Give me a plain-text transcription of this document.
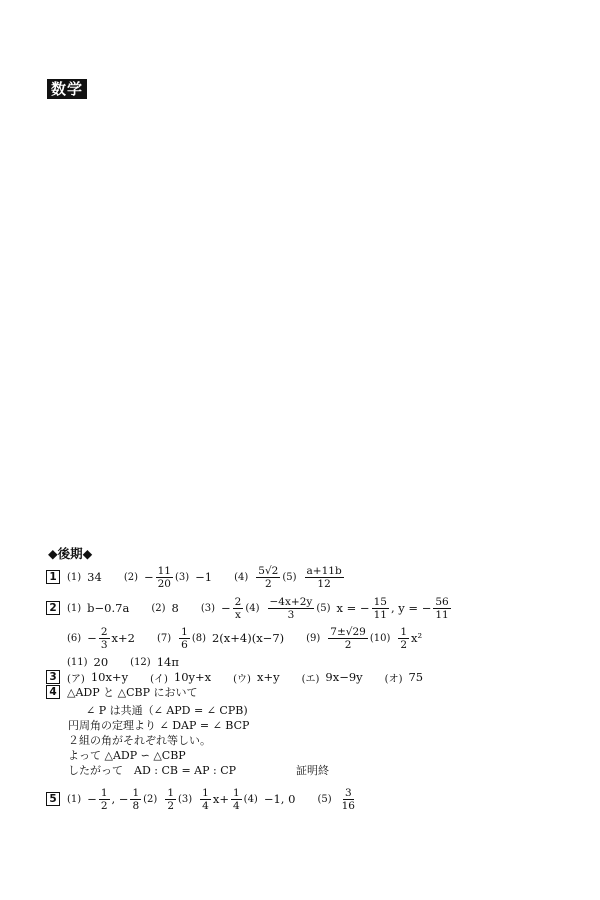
数学
◆後期◆
1	(1) 34 $(2) - \frac{11}{20} (3) -1$ $(4) \frac{5√2}{2} (5) \frac{a+11b}{12}$
2	(1) b−0.7a (2) 8 $(3) - \frac{2}{x} (4) \frac{-4x+2y}{3} (5) x$ = − $\frac{15}{11}$ , y = − $\frac{56}{11}$
$(6) - \frac{2}{3} x+2$ $(7) \frac{1}{6} (8)$ 2(x+4)(x−7) $(9) \frac{7\pm√29}{2} (10) \frac{1}{2} x^2$
(11) 20 (12) 14π
3	(ア) 10x+y (イ) 10y+x (ウ) x+y (エ) 9x−9y (オ) 75
4 △ADP と △CBP において
∠ P は共通（∠ APD = ∠ CPB)
円周角の定理より ∠ DAP = ∠ BCP
２組の角がそれぞれ等しい。
よって △ADP ∽ △CBP
したがって　AD : CB = AP : CP	証明終
5	$(1) - \frac{1}{2}$ , − $\frac{1}{8} (2) \frac{1}{2} (3) \frac{1}{4} x+ \frac{1}{4} (4) -1$, 0 $(5) \frac{3}{16}$
